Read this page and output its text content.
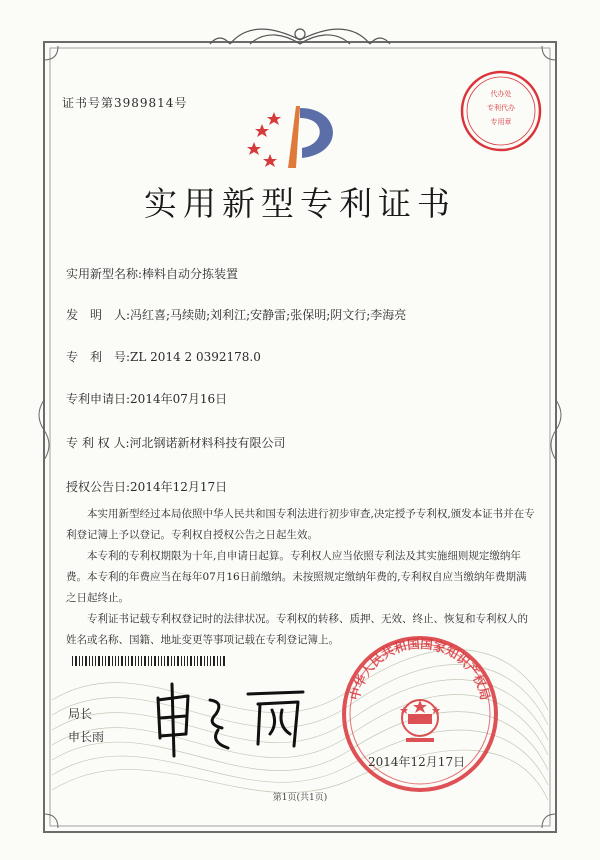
证书号第3989814号
代办处
专利代办
专用章
实用新型专利证书
实用新型名称:棒料自动分拣装置
发　明　人:冯红喜;马续勋;刘利江;安静雷;张保明;阴文行;李海亮
专　利　号:ZL 2014 2 0392178.0
专利申请日:2014年07月16日
专 利 权 人:河北钢诺新材料科技有限公司
授权公告日:2014年12月17日

本实用新型经过本局依照中华人民共和国专利法进行初步审查,决定授予专利权,颁发本证书并在专利登记簿上予以登记。专利权自授权公告之日起生效。

本专利的专利权期限为十年,自申请日起算。专利权人应当依照专利法及其实施细则规定缴纳年费。本专利的年费应当在每年07月16日前缴纳。未按照规定缴纳年费的,专利权自应当缴纳年费期满之日起终止。

专利证书记载专利权登记时的法律状况。专利权的转移、质押、无效、终止、恢复和专利权人的姓名或名称、国籍、地址变更等事项记载在专利登记簿上。

局长
申长雨
中华人民共和国国家知识产权局
2014年12月17日
第1页(共1页)
